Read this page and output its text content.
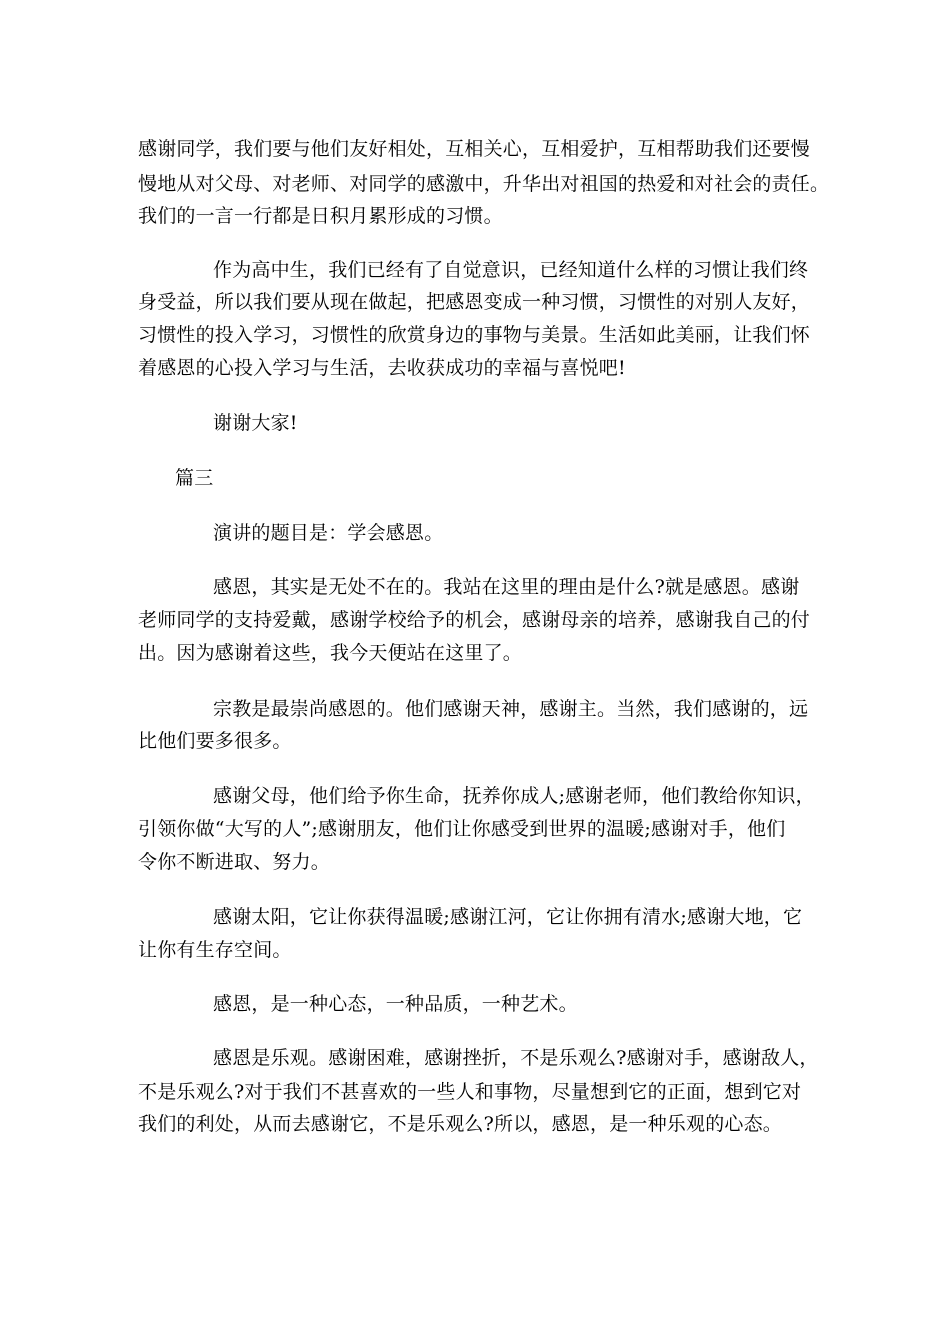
感谢同学，我们要与他们友好相处，互相关心，互相爱护，互相帮助我们还要慢
慢地从对父母、对老师、对同学的感激中，升华出对祖国的热爱和对社会的责任。
我们的一言一行都是日积月累形成的习惯。
作为高中生，我们已经有了自觉意识，已经知道什么样的习惯让我们终
身受益，所以我们要从现在做起，把感恩变成一种习惯，习惯性的对别人友好，
习惯性的投入学习，习惯性的欣赏身边的事物与美景。生活如此美丽，让我们怀
着感恩的心投入学习与生活，去收获成功的幸福与喜悦吧!
谢谢大家!
篇三
演讲的题目是：学会感恩。
感恩，其实是无处不在的。我站在这里的理由是什么?就是感恩。感谢
老师同学的支持爱戴，感谢学校给予的机会，感谢母亲的培养，感谢我自己的付
出。因为感谢着这些，我今天便站在这里了。
宗教是最崇尚感恩的。他们感谢天神，感谢主。当然，我们感谢的，远
比他们要多很多。
感谢父母，他们给予你生命，抚养你成人;感谢老师，他们教给你知识，
引领你做“大写的人”;感谢朋友，他们让你感受到世界的温暖;感谢对手，他们
令你不断进取、努力。
感谢太阳，它让你获得温暖;感谢江河，它让你拥有清水;感谢大地，它
让你有生存空间。
感恩，是一种心态，一种品质，一种艺术。
感恩是乐观。感谢困难，感谢挫折，不是乐观么?感谢对手，感谢敌人，
不是乐观么?对于我们不甚喜欢的一些人和事物，尽量想到它的正面，想到它对
我们的利处，从而去感谢它，不是乐观么?所以，感恩，是一种乐观的心态。
